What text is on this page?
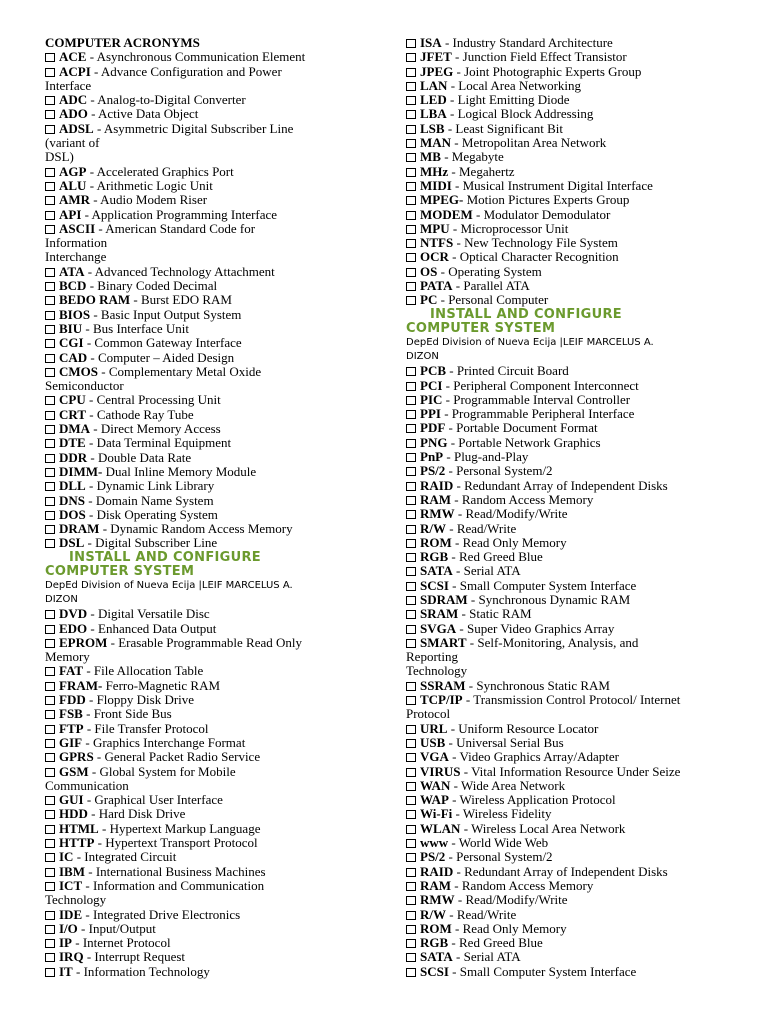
COMPUTER ACRONYMS
ACE - Asynchronous Communication Element
ACPI - Advance Configuration and Power
Interface
ADC - Analog-to-Digital Converter
ADO - Active Data Object
ADSL - Asymmetric Digital Subscriber Line
(variant of
DSL)
AGP - Accelerated Graphics Port
ALU - Arithmetic Logic Unit
AMR - Audio Modem Riser
API - Application Programming Interface
ASCII - American Standard Code for
Information
Interchange
ATA - Advanced Technology Attachment
BCD - Binary Coded Decimal
BEDO RAM - Burst EDO RAM
BIOS - Basic Input Output System
BIU - Bus Interface Unit
CGI - Common Gateway Interface
CAD - Computer – Aided Design
CMOS - Complementary Metal Oxide
Semiconductor
CPU - Central Processing Unit
CRT - Cathode Ray Tube
DMA - Direct Memory Access
DTE - Data Terminal Equipment
DDR - Double Data Rate
DIMM- Dual Inline Memory Module
DLL - Dynamic Link Library
DNS - Domain Name System
DOS - Disk Operating System
DRAM - Dynamic Random Access Memory
DSL - Digital Subscriber Line
INSTALL AND CONFIGURE
COMPUTER SYSTEM
DepEd Division of Nueva Ecija |LEIF MARCELUS A.
DIZON
DVD - Digital Versatile Disc
EDO - Enhanced Data Output
EPROM - Erasable Programmable Read Only
Memory
FAT - File Allocation Table
FRAM- Ferro-Magnetic RAM
FDD - Floppy Disk Drive
FSB - Front Side Bus
FTP - File Transfer Protocol
GIF - Graphics Interchange Format
GPRS - General Packet Radio Service
GSM - Global System for Mobile
Communication
GUI - Graphical User Interface
HDD - Hard Disk Drive
HTML - Hypertext Markup Language
HTTP - Hypertext Transport Protocol
IC - Integrated Circuit
IBM - International Business Machines
ICT - Information and Communication
Technology
IDE - Integrated Drive Electronics
I/O - Input/Output
IP - Internet Protocol
IRQ - Interrupt Request
IT - Information Technology
ISA - Industry Standard Architecture
JFET - Junction Field Effect Transistor
JPEG - Joint Photographic Experts Group
LAN - Local Area Networking
LED - Light Emitting Diode
LBA - Logical Block Addressing
LSB - Least Significant Bit
MAN - Metropolitan Area Network
MB - Megabyte
MHz - Megahertz
MIDI - Musical Instrument Digital Interface
MPEG- Motion Pictures Experts Group
MODEM - Modulator Demodulator
MPU - Microprocessor Unit
NTFS - New Technology File System
OCR - Optical Character Recognition
OS - Operating System
PATA - Parallel ATA
PC - Personal Computer
INSTALL AND CONFIGURE
COMPUTER SYSTEM
DepEd Division of Nueva Ecija |LEIF MARCELUS A.
DIZON
PCB - Printed Circuit Board
PCI - Peripheral Component Interconnect
PIC - Programmable Interval Controller
PPI - Programmable Peripheral Interface
PDF - Portable Document Format
PNG - Portable Network Graphics
PnP - Plug-and-Play
PS/2 - Personal System/2
RAID - Redundant Array of Independent Disks
RAM - Random Access Memory
RMW - Read/Modify/Write
R/W - Read/Write
ROM - Read Only Memory
RGB - Red Greed Blue
SATA - Serial ATA
SCSI - Small Computer System Interface
SDRAM - Synchronous Dynamic RAM
SRAM - Static RAM
SVGA - Super Video Graphics Array
SMART - Self-Monitoring, Analysis, and
Reporting
Technology
SSRAM - Synchronous Static RAM
TCP/IP - Transmission Control Protocol/ Internet
Protocol
URL - Uniform Resource Locator
USB - Universal Serial Bus
VGA - Video Graphics Array/Adapter
VIRUS - Vital Information Resource Under Seize
WAN - Wide Area Network
WAP - Wireless Application Protocol
Wi-Fi - Wireless Fidelity
WLAN - Wireless Local Area Network
www - World Wide Web
PS/2 - Personal System/2
RAID - Redundant Array of Independent Disks
RAM - Random Access Memory
RMW - Read/Modify/Write
R/W - Read/Write
ROM - Read Only Memory
RGB - Red Greed Blue
SATA - Serial ATA
SCSI - Small Computer System Interface
